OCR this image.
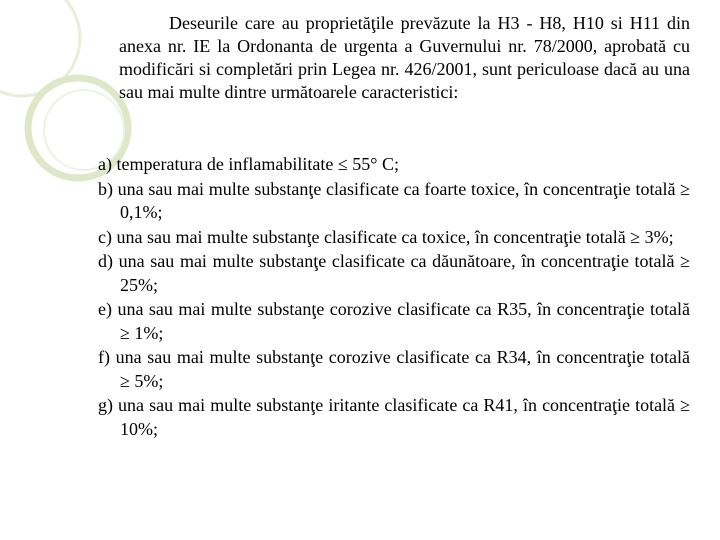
Deseurile care au proprietăţile prevăzute la H3 - H8, H10 si H11 din anexa nr. IE la Ordonanta de urgenta a Guvernului nr. 78/2000, aprobată cu modificări si completări prin Legea nr. 426/2001, sunt periculoase dacă au una sau mai multe dintre următoarele caracteristici:

a) temperatura de inflamabilitate ≤ 55° C;
b) una sau mai multe substanţe clasificate ca foarte toxice, în concentraţie totală ≥ 0,1%;
c) una sau mai multe substanţe clasificate ca toxice, în concentraţie totală ≥ 3%;
d) una sau mai multe substanţe clasificate ca dăunătoare, în concentraţie totală ≥ 25%;
e) una sau mai multe substanţe corozive clasificate ca R35, în concentraţie totală ≥ 1%;
f) una sau mai multe substanţe corozive clasificate ca R34, în concentraţie totală ≥ 5%;
g) una sau mai multe substanţe iritante clasificate ca R41, în concentraţie totală ≥ 10%;
